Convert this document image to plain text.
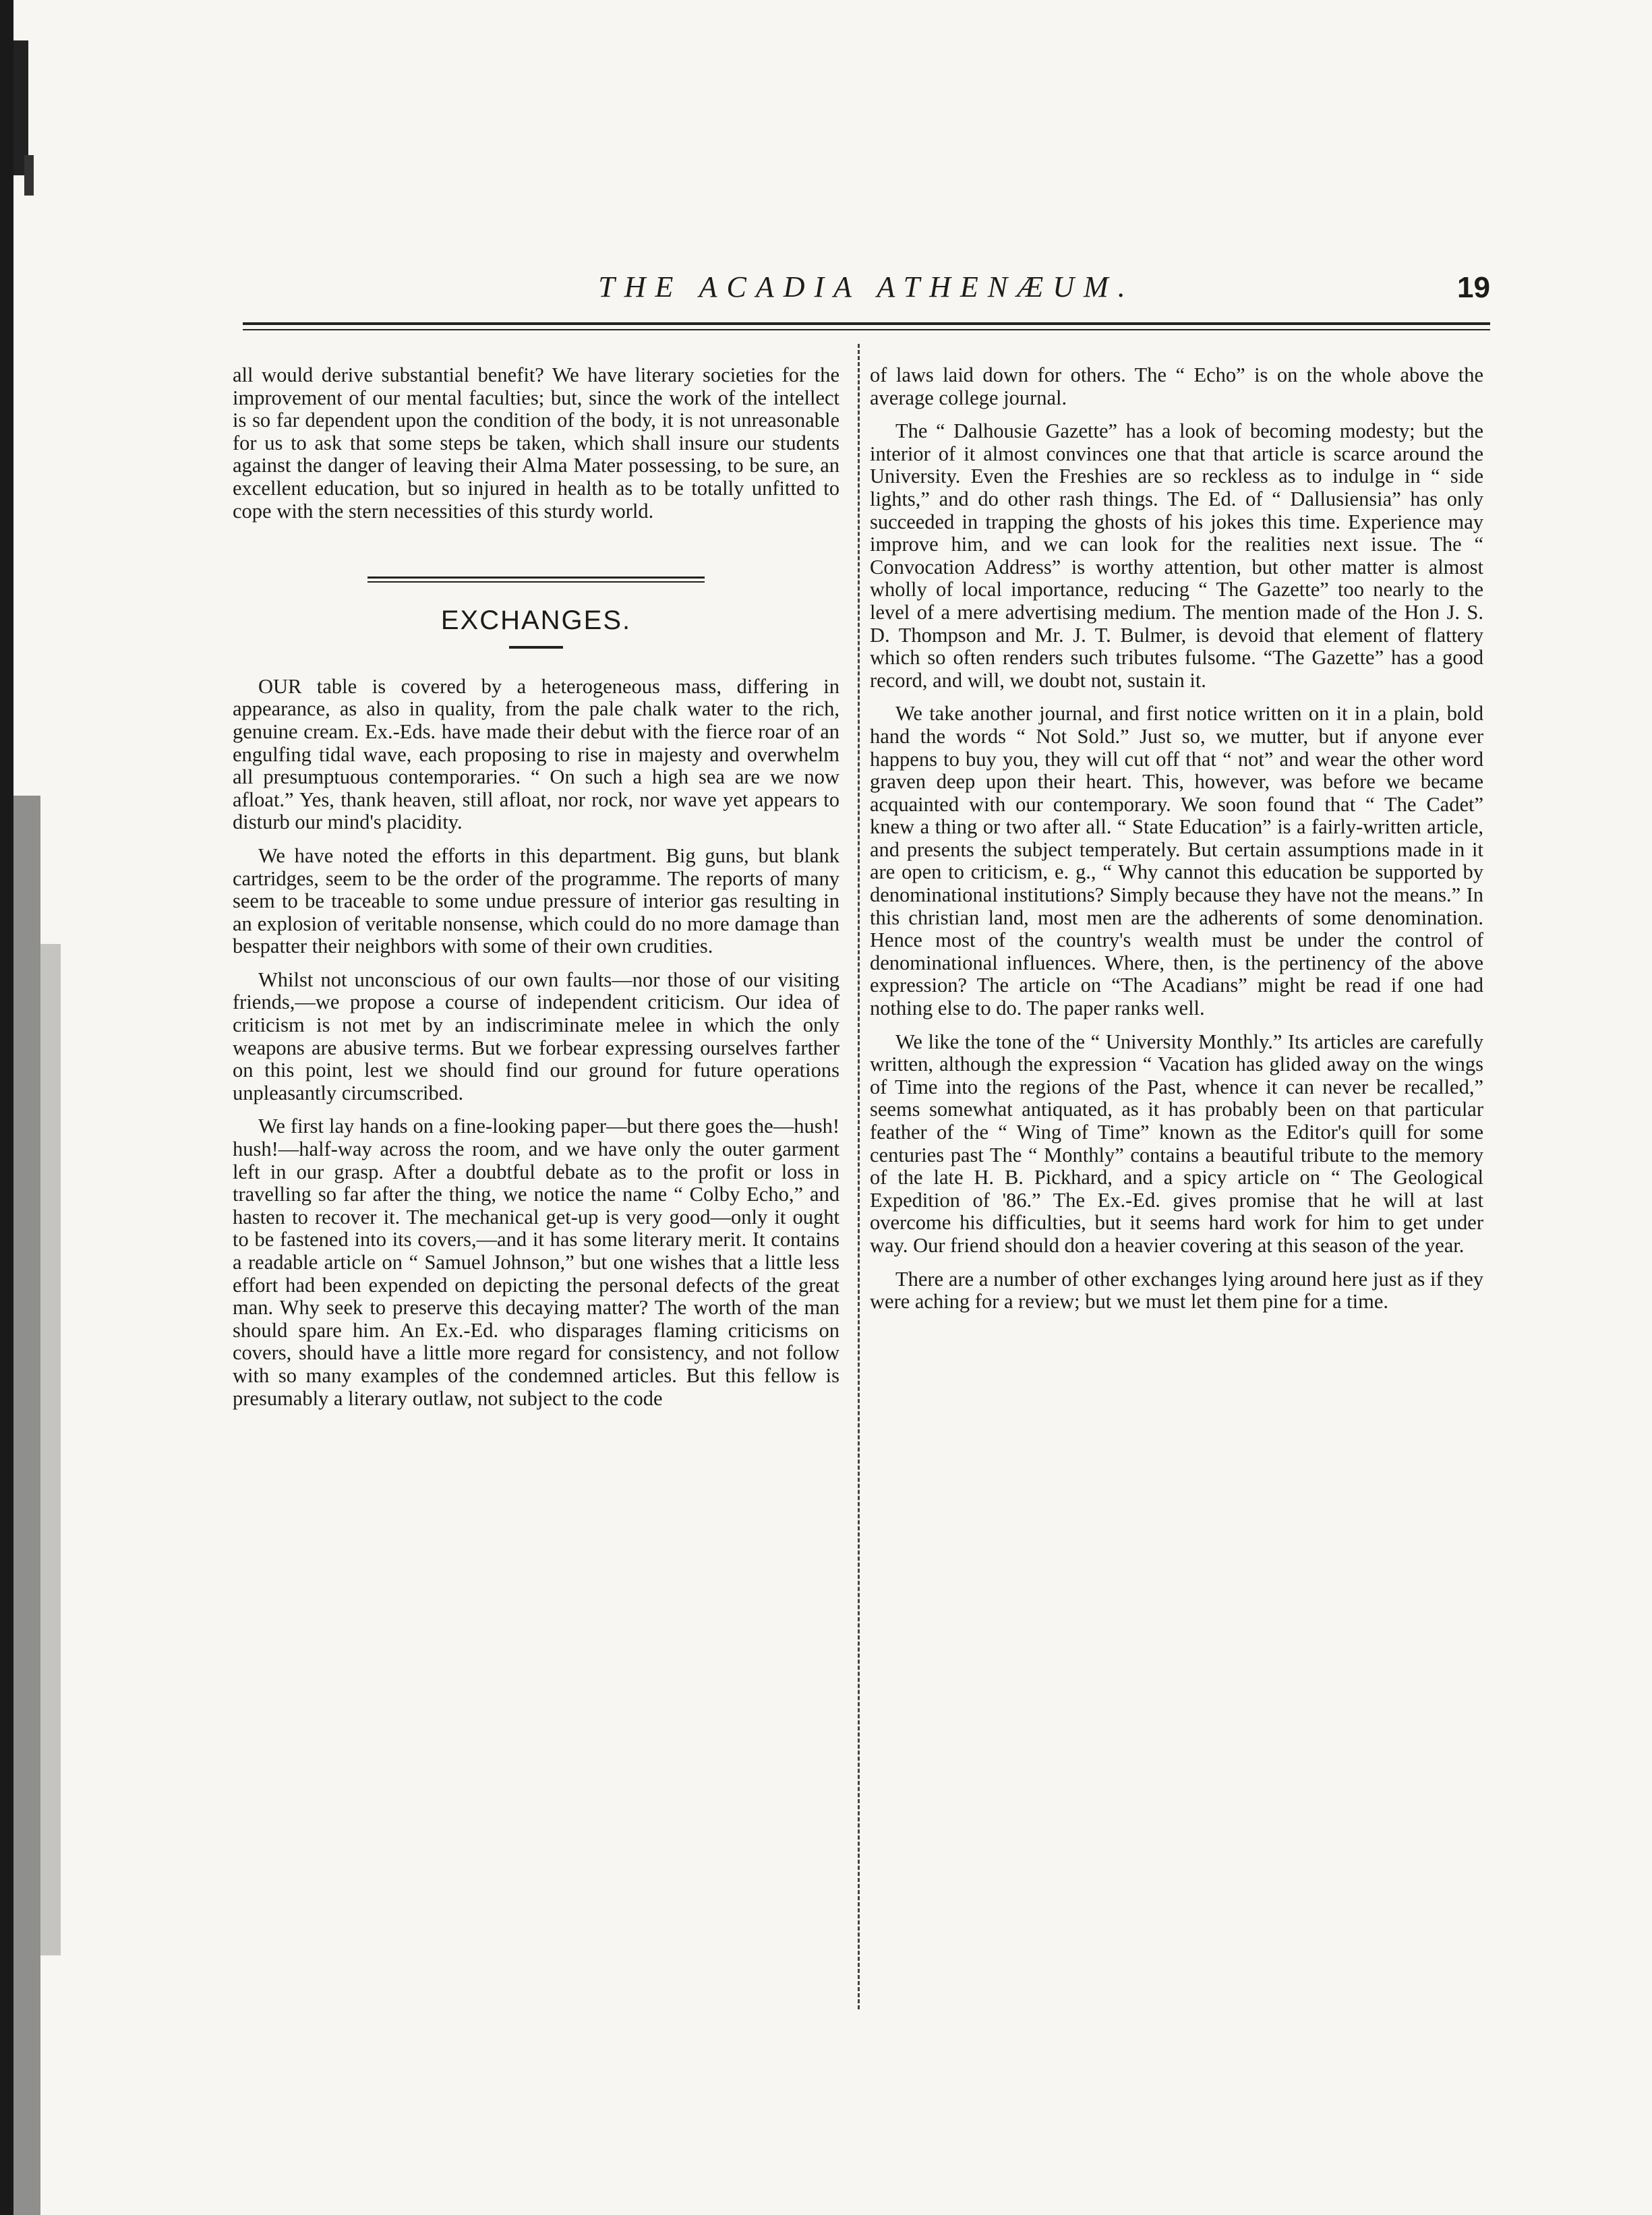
THE ACADIA ATHENÆUM.	19

all would derive substantial benefit? We have literary societies for the improvement of our mental faculties; but, since the work of the intellect is so far dependent upon the condition of the body, it is not unreasonable for us to ask that some steps be taken, which shall insure our students against the danger of leaving their Alma Mater possessing, to be sure, an excellent education, but so injured in health as to be totally unfitted to cope with the stern necessities of this sturdy world.

EXCHANGES.

OUR table is covered by a heterogeneous mass, differing in appearance, as also in quality, from the pale chalk water to the rich, genuine cream. Ex.-Eds. have made their debut with the fierce roar of an engulfing tidal wave, each proposing to rise in majesty and overwhelm all presumptuous contemporaries. “ On such a high sea are we now afloat.” Yes, thank heaven, still afloat, nor rock, nor wave yet appears to disturb our mind's placidity.

We have noted the efforts in this department. Big guns, but blank cartridges, seem to be the order of the programme. The reports of many seem to be traceable to some undue pressure of interior gas resulting in an explosion of veritable nonsense, which could do no more damage than bespatter their neighbors with some of their own crudities.

Whilst not unconscious of our own faults—nor those of our visiting friends,—we propose a course of independent criticism. Our idea of criticism is not met by an indiscriminate melee in which the only weapons are abusive terms. But we forbear expressing ourselves farther on this point, lest we should find our ground for future operations unpleasantly circumscribed.

We first lay hands on a fine-looking paper—but there goes the—hush! hush!—half-way across the room, and we have only the outer garment left in our grasp. After a doubtful debate as to the profit or loss in travelling so far after the thing, we notice the name “ Colby Echo,” and hasten to recover it. The mechanical get-up is very good—only it ought to be fastened into its covers,—and it has some literary merit. It contains a readable article on “ Samuel Johnson,” but one wishes that a little less effort had been expended on depicting the personal defects of the great man. Why seek to preserve this decaying matter? The worth of the man should spare him. An Ex.-Ed. who disparages flaming criticisms on covers, should have a little more regard for consistency, and not follow with so many examples of the condemned articles. But this fellow is presumably a literary outlaw, not subject to the code

of laws laid down for others. The “ Echo” is on the whole above the average college journal.

The “ Dalhousie Gazette” has a look of becoming modesty; but the interior of it almost convinces one that that article is scarce around the University. Even the Freshies are so reckless as to indulge in “ side lights,” and do other rash things. The Ed. of “ Dallusiensia” has only succeeded in trapping the ghosts of his jokes this time. Experience may improve him, and we can look for the realities next issue. The “ Convocation Address” is worthy attention, but other matter is almost wholly of local importance, reducing “ The Gazette” too nearly to the level of a mere advertising medium. The mention made of the Hon J. S. D. Thompson and Mr. J. T. Bulmer, is devoid that element of flattery which so often renders such tributes fulsome. “The Gazette” has a good record, and will, we doubt not, sustain it.

We take another journal, and first notice written on it in a plain, bold hand the words “ Not Sold.” Just so, we mutter, but if anyone ever happens to buy you, they will cut off that “ not” and wear the other word graven deep upon their heart. This, however, was before we became acquainted with our contemporary. We soon found that “ The Cadet” knew a thing or two after all. “ State Education” is a fairly-written article, and presents the subject temperately. But certain assumptions made in it are open to criticism, e. g., “ Why cannot this education be supported by denominational institutions? Simply because they have not the means.” In this christian land, most men are the adherents of some denomination. Hence most of the country's wealth must be under the control of denominational influences. Where, then, is the pertinency of the above expression? The article on “The Acadians” might be read if one had nothing else to do. The paper ranks well.

We like the tone of the “ University Monthly.” Its articles are carefully written, although the expression “ Vacation has glided away on the wings of Time into the regions of the Past, whence it can never be recalled,” seems somewhat antiquated, as it has probably been on that particular feather of the “ Wing of Time” known as the Editor's quill for some centuries past The “ Monthly” contains a beautiful tribute to the memory of the late H. B. Pickhard, and a spicy article on “ The Geological Expedition of '86.” The Ex.-Ed. gives promise that he will at last overcome his difficulties, but it seems hard work for him to get under way. Our friend should don a heavier covering at this season of the year.

There are a number of other exchanges lying around here just as if they were aching for a review; but we must let them pine for a time.
